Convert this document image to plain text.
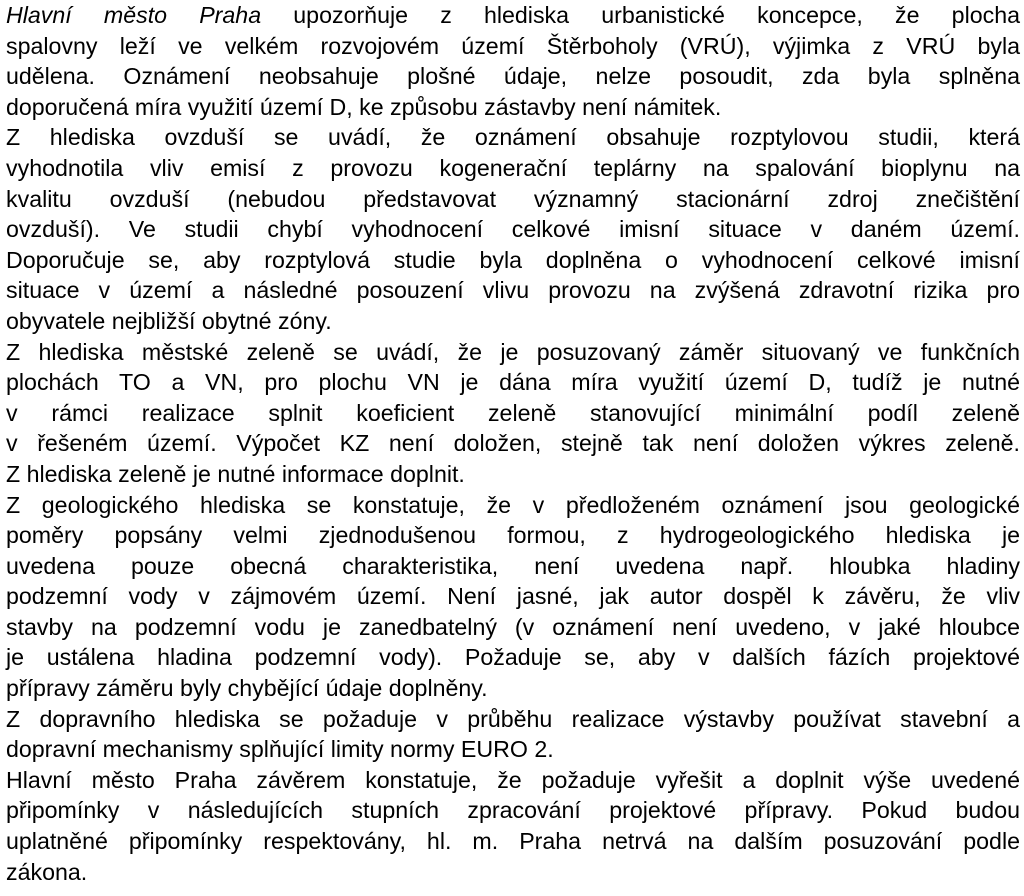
Hlavní město Praha upozorňuje z hlediska urbanistické koncepce, že plocha
spalovny leží ve velkém rozvojovém území Štěrboholy (VRÚ), výjimka z VRÚ byla
udělena. Oznámení neobsahuje plošné údaje, nelze posoudit, zda byla splněna
doporučená míra využití území D, ke způsobu zástavby není námitek.
Z hlediska ovzduší se uvádí, že oznámení obsahuje rozptylovou studii, která
vyhodnotila vliv emisí z provozu kogenerační teplárny na spalování bioplynu na
kvalitu ovzduší (nebudou představovat významný stacionární zdroj znečištění
ovzduší). Ve studii chybí vyhodnocení celkové imisní situace v daném území.
Doporučuje se, aby rozptylová studie byla doplněna o vyhodnocení celkové imisní
situace v území a následné posouzení vlivu provozu na zvýšená zdravotní rizika pro
obyvatele nejbližší obytné zóny.
Z hlediska městské zeleně se uvádí, že je posuzovaný záměr situovaný ve funkčních
plochách TO a VN, pro plochu VN je dána míra využití území D, tudíž je nutné
v rámci realizace splnit koeficient zeleně stanovující minimální podíl zeleně
v řešeném území. Výpočet KZ není doložen, stejně tak není doložen výkres zeleně.
Z hlediska zeleně je nutné informace doplnit.
Z geologického hlediska se konstatuje, že v předloženém oznámení jsou geologické
poměry popsány velmi zjednodušenou formou, z hydrogeologického hlediska je
uvedena pouze obecná charakteristika, není uvedena např. hloubka hladiny
podzemní vody v zájmovém území. Není jasné, jak autor dospěl k závěru, že vliv
stavby na podzemní vodu je zanedbatelný (v oznámení není uvedeno, v jaké hloubce
je ustálena hladina podzemní vody). Požaduje se, aby v dalších fázích projektové
přípravy záměru byly chybějící údaje doplněny.
Z dopravního hlediska se požaduje v průběhu realizace výstavby používat stavební a
dopravní mechanismy splňující limity normy EURO 2.
Hlavní město Praha závěrem konstatuje, že požaduje vyřešit a doplnit výše uvedené
připomínky v následujících stupních zpracování projektové přípravy. Pokud budou
uplatněné připomínky respektovány, hl. m. Praha netrvá na dalším posuzování podle
zákona.
